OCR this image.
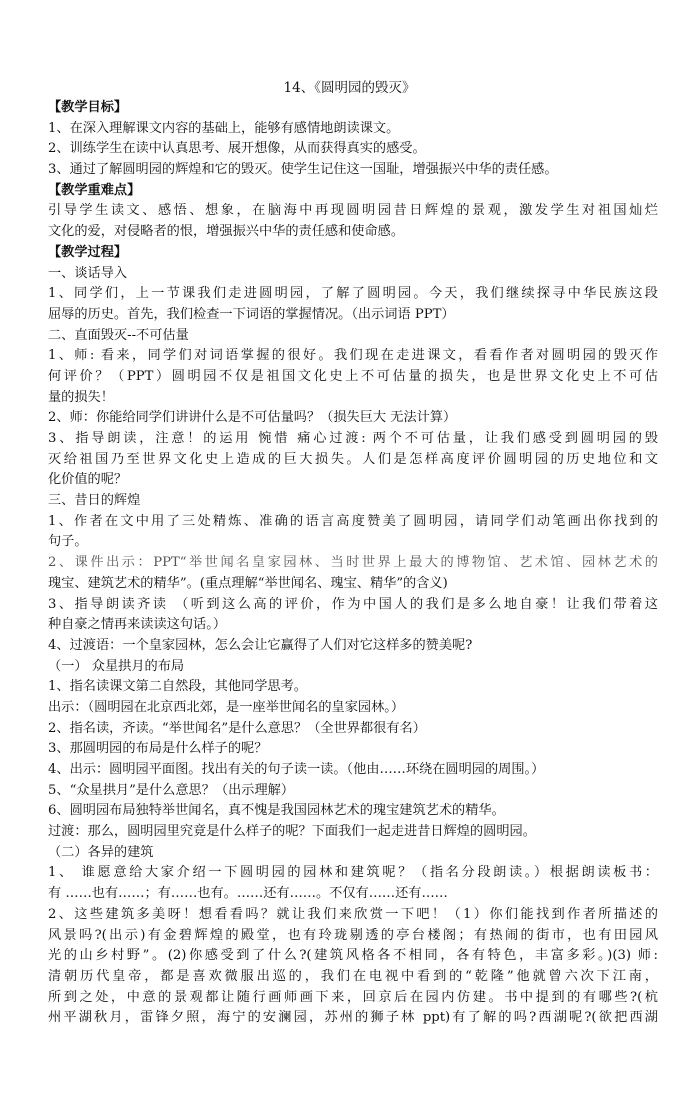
14、《圆明园的毁灭》
【教学目标】
1、在深入理解课文内容的基础上，能够有感情地朗读课文。
2、训练学生在读中认真思考、展开想像，从而获得真实的感受。
3、通过了解圆明园的辉煌和它的毁灭。使学生记住这一国耻，增强振兴中华的责任感。
【教学重难点】
引导学生读文、感悟、想象，在脑海中再现圆明园昔日辉煌的景观，激发学生对祖国灿烂
文化的爱，对侵略者的恨，增强振兴中华的责任感和使命感。
【教学过程】
一、谈话导入
1、同学们，上一节课我们走进圆明园，了解了圆明园。今天，我们继续探寻中华民族这段
屈辱的历史。首先，我们检查一下词语的掌握情况。（出示词语 PPT）
二、直面毁灭--不可估量
1、师: 看来，同学们对词语掌握的很好。我们现在走进课文，看看作者对圆明园的毁灭作
何评价？（PPT）圆明园不仅是祖国文化史上不可估量的损失，也是世界文化史上不可估
量的损失！
2、师：你能给同学们讲讲什么是不可估量吗？（损失巨大 无法计算）
3、指导朗读，注意！的运用 惋惜 痛心过渡: 两个不可估量，让我们感受到圆明园的毁
灭给祖国乃至世界文化史上造成的巨大损失。人们是怎样高度评价圆明园的历史地位和文
化价值的呢？
三、昔日的辉煌
1、作者在文中用了三处精炼、准确的语言高度赞美了圆明园，请同学们动笔画出你找到的
句子。
2、课件出示：PPT“举世闻名皇家园林、当时世界上最大的博物馆、艺术馆、园林艺术的
瑰宝、建筑艺术的精华”。(重点理解“举世闻名、瑰宝、精华”的含义)
3、指导朗读齐读 （听到这么高的评价，作为中国人的我们是多么地自豪！让我们带着这
种自豪之情再来读读这句话。）
4、过渡语：一个皇家园林，怎么会让它赢得了人们对它这样多的赞美呢?
（一） 众星拱月的布局
1、指名读课文第二自然段，其他同学思考。
出示：（圆明园在北京西北郊，是一座举世闻名的皇家园林。）
2、指名读，齐读。“举世闻名”是什么意思？（全世界都很有名）
3、那圆明园的布局是什么样子的呢？
4、出示：圆明园平面图。找出有关的句子读一读。（他由……环绕在圆明园的周围。）
5、“众星拱月”是什么意思？（出示理解）
6、圆明园布局独特举世闻名，真不愧是我国园林艺术的瑰宝建筑艺术的精华。
过渡：那么，圆明园里究竟是什么样子的呢？下面我们一起走进昔日辉煌的圆明园。
（二）各异的建筑
1、 谁愿意给大家介绍一下圆明园的园林和建筑呢？（指名分段朗读。）根据朗读板书：
有 ……也有……；有……也有。……还有……。不仅有……还有……
2、这些建筑多美呀！想看看吗？就让我们来欣赏一下吧！（1）你们能找到作者所描述的
风景吗?(出示)有金碧辉煌的殿堂，也有玲珑剔透的亭台楼阁；有热闹的街市，也有田园风
光的山乡村野”。(2)你感受到了什么?(建筑风格各不相同，各有特色，丰富多彩。)(3) 师:
清朝历代皇帝，都是喜欢微服出巡的，我们在电视中看到的“乾隆”他就曾六次下江南，
所到之处，中意的景观都让随行画师画下来，回京后在园内仿建。书中提到的有哪些?(杭
州平湖秋月，雷锋夕照，海宁的安澜园，苏州的狮子林 ppt)有了解的吗?西湖呢?(欲把西湖
